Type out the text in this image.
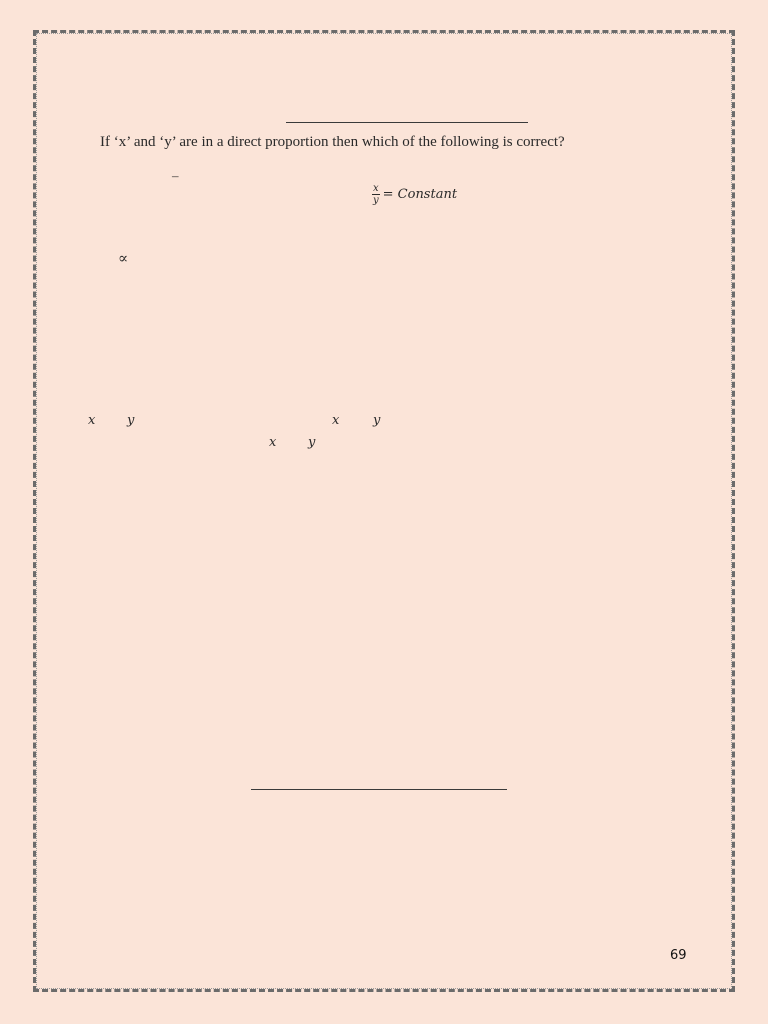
If ‘x’ and ‘y’ are in a direct proportion then which of the following is correct?
–
$\frac{x}{y}$ = Constant
∝
x y	x	y
x y
69
